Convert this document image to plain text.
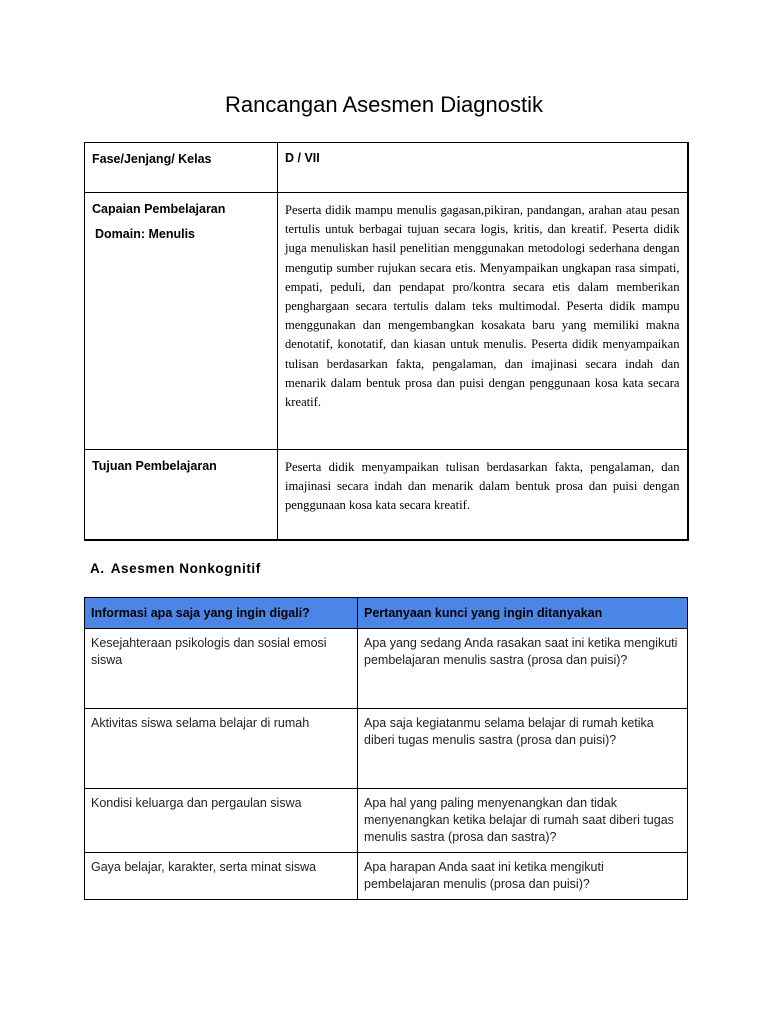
Rancangan Asesmen Diagnostik
Fase/Jenjang/ Kelas	D / VII

Capaian Pembelajaran
Domain: Menulis	Peserta didik mampu menulis gagasan,pikiran, pandangan, arahan atau pesan tertulis untuk berbagai tujuan secara logis, kritis, dan kreatif. Peserta didik juga menuliskan hasil penelitian menggunakan metodologi sederhana dengan mengutip sumber rujukan secara etis. Menyampaikan ungkapan rasa simpati, empati, peduli, dan pendapat pro/kontra secara etis dalam memberikan penghargaan secara tertulis dalam teks multimodal. Peserta didik mampu menggunakan dan mengembangkan kosakata baru yang memiliki makna denotatif, konotatif, dan kiasan untuk menulis. Peserta didik menyampaikan tulisan berdasarkan fakta, pengalaman, dan imajinasi secara indah dan menarik dalam bentuk prosa dan puisi dengan penggunaan kosa kata secara kreatif.

Tujuan Pembelajaran	Peserta didik menyampaikan tulisan berdasarkan fakta, pengalaman, dan imajinasi secara indah dan menarik dalam bentuk prosa dan puisi dengan penggunaan kosa kata secara kreatif.
A. Asesmen Nonkognitif
Informasi apa saja yang ingin digali?	Pertanyaan kunci yang ingin ditanyakan
Kesejahteraan psikologis dan sosial emosi siswa	Apa yang sedang Anda rasakan saat ini ketika mengikuti pembelajaran menulis sastra (prosa dan puisi)?
Aktivitas siswa selama belajar di rumah	Apa saja kegiatanmu selama belajar di rumah ketika diberi tugas menulis sastra (prosa dan puisi)?
Kondisi keluarga dan pergaulan siswa	Apa hal yang paling menyenangkan dan tidak menyenangkan ketika belajar di rumah saat diberi tugas menulis sastra (prosa dan sastra)?
Gaya belajar, karakter, serta minat siswa	Apa harapan Anda saat ini ketika mengikuti pembelajaran menulis (prosa dan puisi)?
